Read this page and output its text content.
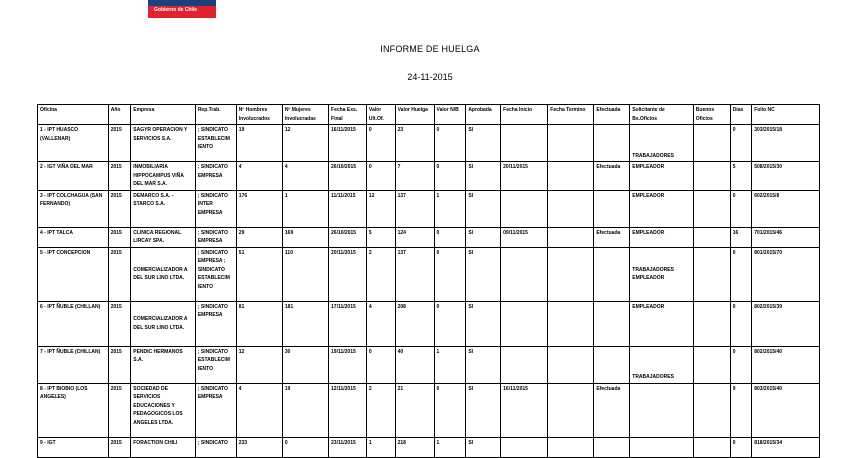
Gobierno de Chile
INFORME DE HUELGA
24-11-2015
Oficina	Año	Empresa	Rep.Trab.	Nº Hombres Involucrados	Nº Mujeres Involucradas	Fecha Exs. Final	Valor Ult.Of.	Valor Huelga	Valor N/B	Aprobada	Fecha Inicio	Fecha Termino	Efectuada	Solicitante de Bs.Oficios	Buenos Oficios	Días	Folio NC
1 - IPT HUASCO (VALLENAR)	2015	SAGYR OPERACION Y SERVICIOS S.A.	; SINDICATO ESTABLECIM IENTO	19	12	16/11/2015	0	23	0	SI				TRABAJADORES		0	303/2015/18
2 - IGT VIÑA DEL MAR	2015	INMOBILIARIA HIPPOCAMPUS VIÑA DEL MAR S.A.	; SINDICATO EMPRESA	4	4	26/10/2015	0	7	0	SI	20/11/2015		Efectuada	EMPLEADOR		5	508/2015/30
3 - IPT COLCHAGUA (SAN FERNANDO)	2015	DEMARCO S.A. - STARCO S.A.	; SINDICATO INTER EMPRESA	176	1	11/11/2015	12	137	1	SI				EMPLEADOR		0	602/2015/8
4 - IPT TALCA	2015	CLINICA REGIONAL LIRCAY SPA.	; SINDICATO EMPRESA	29	169	26/10/2015	5	124	0	SI	09/11/2015		Efectuada	EMPLEADOR		16	701/2015/46
5 - IPT CONCEPCION	2015	COMERCIALIZADOR A DEL SUR LINO LTDA.	; SINDICATO EMPRESA ; SINDICATO ESTABLECIM IENTO	51	110	20/11/2015	2	137	0	SI				TRABAJADORES EMPLEADOR		0	801/2015/70
6 - IPT ÑUBLE (CHILLAN)	2015	COMERCIALIZADOR A DEL SUR LINO LTDA.	; SINDICATO EMPRESA	81	181	17/11/2015	4	208	0	SI				EMPLEADOR		0	802/2015/39
7 - IPT ÑUBLE (CHILLAN)	2015	PENDIC HERMANOS S.A.	; SINDICATO ESTABLECIM IENTO	12	30	19/11/2015	0	40	1	SI				TRABAJADORES		0	802/2015/40
8 - IPT BIOBIO (LOS ANGELES)	2015	SOCIEDAD DE SERVICIOS EDUCACIONES Y PEDAGOGICOS LOS ANGELES LTDA.	; SINDICATO EMPRESA	4	19	12/11/2015	2	21	0	SI	16/11/2015		Efectuada			9	803/2015/40
9 - IGT	2015	FORACTION CHILI	; SINDICATO	233	0	23/11/2015	1	218	1	SI						0	818/2015/34
